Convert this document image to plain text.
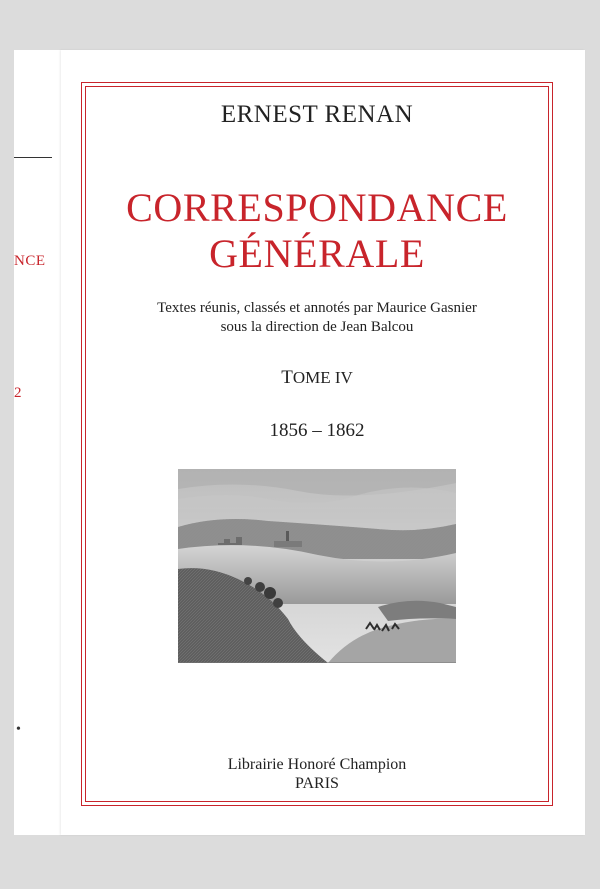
NCE
2
•
ERNEST RENAN
CORRESPONDANCE
GÉNÉRALE
Textes réunis, classés et annotés par Maurice Gasnier
sous la direction de Jean Balcou
TOME IV
1856 – 1862
Librairie Honoré Champion
PARIS
